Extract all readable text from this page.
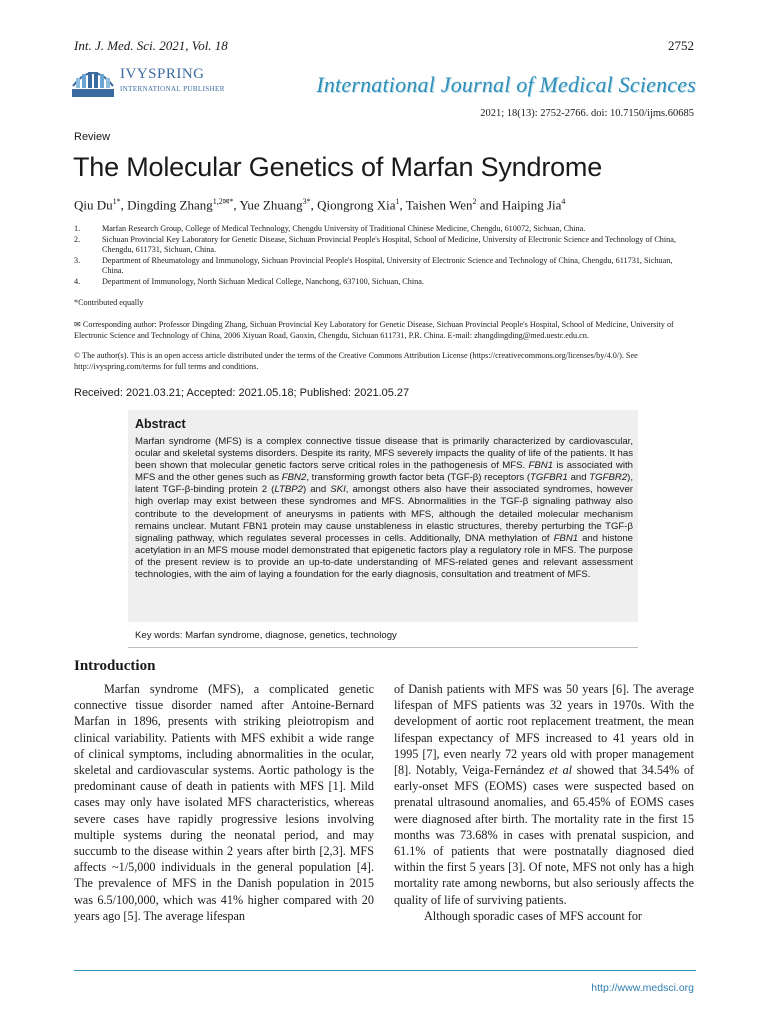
Int. J. Med. Sci. 2021, Vol. 18	2752
IVYSPRING
INTERNATIONAL PUBLISHER	International Journal of Medical Sciences
2021; 18(13): 2752-2766. doi: 10.7150/ijms.60685
Review
The Molecular Genetics of Marfan Syndrome
Qiu $Du^{1*}$, Dingding Zhang$^{1,2✉*}$, Yue Zhuang$^{3*}$, Qiongrong Xia$^1$, Taishen Wen$^2$ and Haiping Jia$^4$
1.	Marfan Research Group, College of Medical Technology, Chengdu University of Traditional Chinese Medicine, Chengdu, 610072, Sichuan, China.
2.	Sichuan Provincial Key Laboratory for Genetic Disease, Sichuan Provincial People's Hospital, School of Medicine, University of Electronic Science and Technology of China, Chengdu, 611731, Sichuan, China.
3.	Department of Rheumatology and Immunology, Sichuan Provincial People's Hospital, University of Electronic Science and Technology of China, Chengdu, 611731, Sichuan, China.
4.	Department of Immunology, North Sichuan Medical College, Nanchong, 637100, Sichuan, China.
*Contributed equally
✉ Corresponding author: Professor Dingding Zhang, Sichuan Provincial Key Laboratory for Genetic Disease, Sichuan Provincial People's Hospital, School of Medicine, University of Electronic Science and Technology of China, 2006 Xiyuan Road, Gaoxin, Chengdu, Sichuan 611731, P.R. China. E-mail: zhangdingding@med.uestc.edu.cn.
© The author(s). This is an open access article distributed under the terms of the Creative Commons Attribution License (https://creativecommons.org/licenses/by/4.0/). See http://ivyspring.com/terms for full terms and conditions.
Received: 2021.03.21; Accepted: 2021.05.18; Published: 2021.05.27
Abstract
Marfan syndrome (MFS) is a complex connective tissue disease that is primarily characterized by cardiovascular, ocular and skeletal systems disorders. Despite its rarity, MFS severely impacts the quality of life of the patients. It has been shown that molecular genetic factors serve critical roles in the pathogenesis of MFS. FBN1 is associated with MFS and the other genes such as FBN2, transforming growth factor beta (TGF-β) receptors (TGFBR1 and TGFBR2), latent TGF-β-binding protein 2 (LTBP2) and SKI, amongst others also have their associated syndromes, however high overlap may exist between these syndromes and MFS. Abnormalities in the TGF-β signaling pathway also contribute to the development of aneurysms in patients with MFS, although the detailed molecular mechanism remains unclear. Mutant FBN1 protein may cause unstableness in elastic structures, thereby perturbing the TGF-β signaling pathway, which regulates several processes in cells. Additionally, DNA methylation of FBN1 and histone acetylation in an MFS mouse model demonstrated that epigenetic factors play a regulatory role in MFS. The purpose of the present review is to provide an up-to-date understanding of MFS-related genes and relevant assessment technologies, with the aim of laying a foundation for the early diagnosis, consultation and treatment of MFS.
Key words: Marfan syndrome, diagnose, genetics, technology
Introduction

Marfan syndrome (MFS), a complicated genetic connective tissue disorder named after Antoine-Bernard Marfan in 1896, presents with striking pleiotropism and clinical variability. Patients with MFS exhibit a wide range of clinical symptoms, including abnormalities in the ocular, skeletal and cardiovascular systems. Aortic pathology is the predominant cause of death in patients with MFS [1]. Mild cases may only have isolated MFS characteristics, whereas severe cases have rapidly progressive lesions involving multiple systems during the neonatal period, and may succumb to the disease within 2 years after birth [2,3]. MFS affects ~1/5,000 individuals in the general population [4]. The prevalence of MFS in the Danish population in 2015 was 6.5/100,000, which was 41% higher compared with 20 years ago [5]. The average lifespan

of Danish patients with MFS was 50 years [6]. The average lifespan of MFS patients was 32 years in 1970s. With the development of aortic root replacement treatment, the mean lifespan expectancy of MFS increased to 41 years old in 1995 [7], even nearly 72 years old with proper management [8]. Notably, Veiga-Fernández et al showed that 34.54% of early-onset MFS (EOMS) cases were suspected based on prenatal ultrasound anomalies, and 65.45% of EOMS cases were diagnosed after birth. The mortality rate in the first 15 months was 73.68% in cases with prenatal suspicion, and 61.1% of patients that were postnatally diagnosed died within the first 5 years [3]. Of note, MFS not only has a high mortality rate among newborns, but also seriously affects the quality of life of surviving patients.

Although sporadic cases of MFS account for

http://www.medsci.org
